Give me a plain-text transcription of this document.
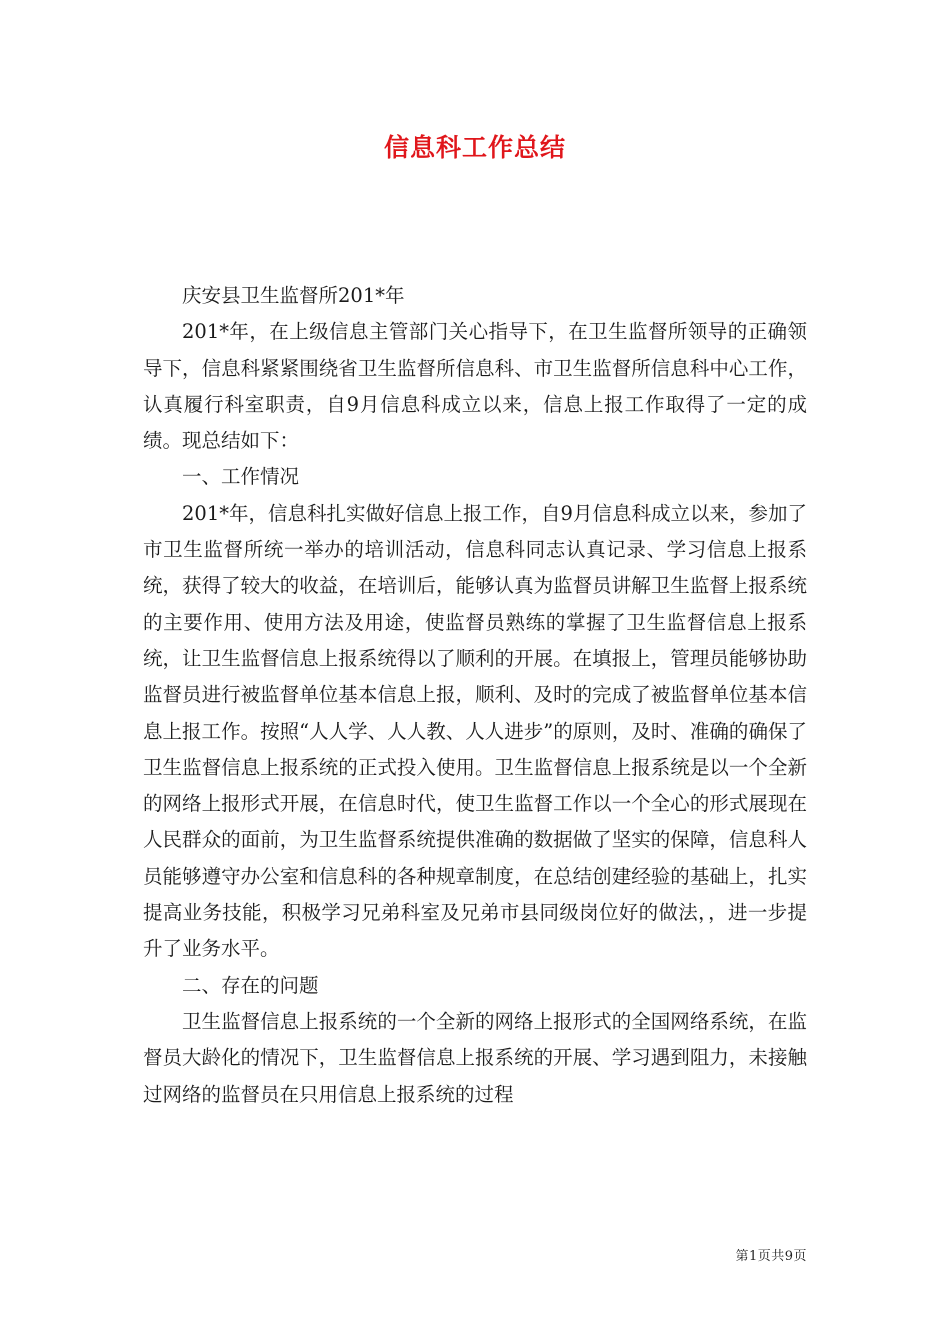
信息科工作总结

庆安县卫生监督所201*年

201*年，在上级信息主管部门关心指导下，在卫生监督所领导的正确领导下，信息科紧紧围绕省卫生监督所信息科、市卫生监督所信息科中心工作，认真履行科室职责，自9月信息科成立以来，信息上报工作取得了一定的成绩。现总结如下：

一、工作情况

201*年，信息科扎实做好信息上报工作，自9月信息科成立以来，参加了市卫生监督所统一举办的培训活动，信息科同志认真记录、学习信息上报系统，获得了较大的收益，在培训后，能够认真为监督员讲解卫生监督上报系统的主要作用、使用方法及用途，使监督员熟练的掌握了卫生监督信息上报系统，让卫生监督信息上报系统得以了顺利的开展。在填报上，管理员能够协助监督员进行被监督单位基本信息上报，顺利、及时的完成了被监督单位基本信息上报工作。按照“人人学、人人教、人人进步”的原则，及时、准确的确保了卫生监督信息上报系统的正式投入使用。卫生监督信息上报系统是以一个全新的网络上报形式开展，在信息时代，使卫生监督工作以一个全心的形式展现在人民群众的面前，为卫生监督系统提供准确的数据做了坚实的保障，信息科人员能够遵守办公室和信息科的各种规章制度，在总结创建经验的基础上，扎实提高业务技能，积极学习兄弟科室及兄弟市县同级岗位好的做法，，进一步提升了业务水平。

二、存在的问题

卫生监督信息上报系统的一个全新的网络上报形式的全国网络系统，在监督员大龄化的情况下，卫生监督信息上报系统的开展、学习遇到阻力，未接触过网络的监督员在只用信息上报系统的过程

第1页共9页
